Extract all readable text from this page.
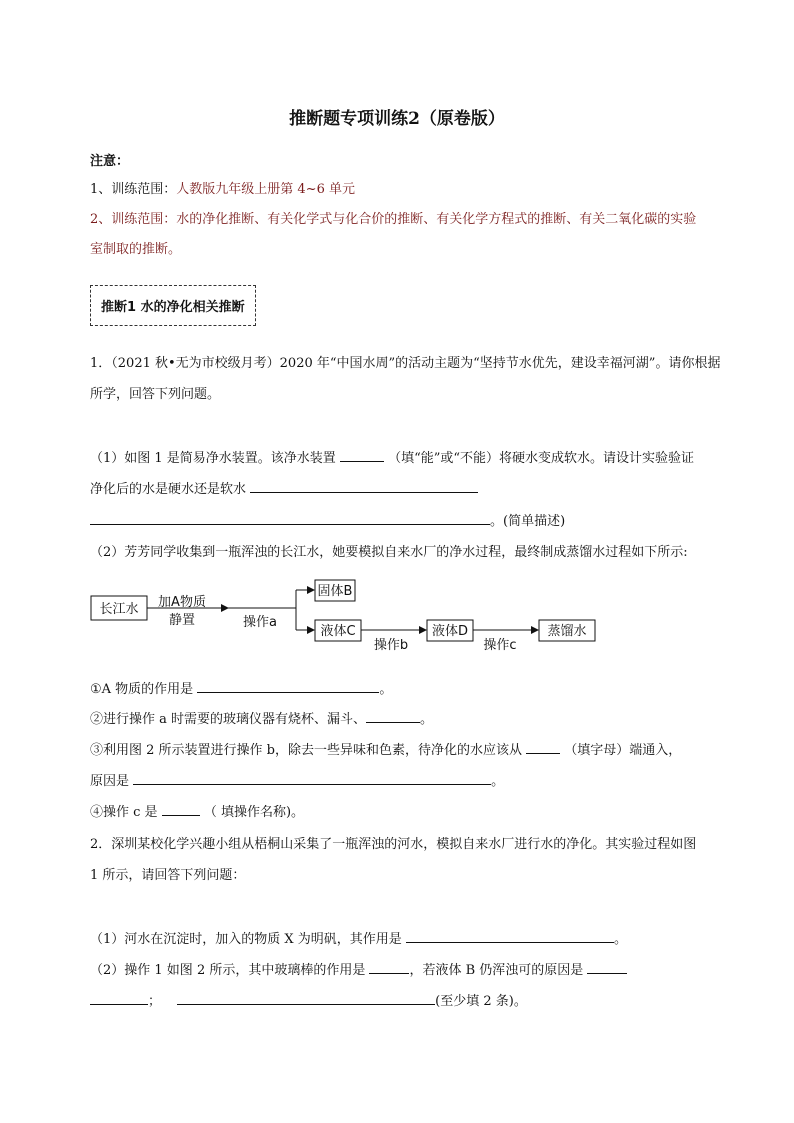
推断题专项训练2（原卷版）
注意：
1、训练范围：人教版九年级上册第 4~6 单元
2、训练范围：水的净化推断、有关化学式与化合价的推断、有关化学方程式的推断、有关二氧化碳的实验
室制取的推断。
推断1 水的净化相关推断
1．（2021 秋•无为市校级月考）2020 年“中国水周”的活动主题为“坚持节水优先，建设幸福河湖”。请你根据
所学，回答下列问题。
（1）如图 1 是简易净水装置。该净水装置	（填“能”或“不能）将硬水变成软水。请设计实验验证
净化后的水是硬水还是软水
。(简单描述)
（2）芳芳同学收集到一瓶浑浊的长江水，她要模拟自来水厂的净水过程，最终制成蒸馏水过程如下所示:
长江水 加A物质
静置	操作a
固体B
液体C
操作b
液体D
操作c
蒸馏水
①A 物质的作用是	。
②进行操作 a 时需要的玻璃仪器有烧杯、漏斗、	。
③利用图 2 所示装置进行操作 b，除去一些异味和色素，待净化的水应该从	（填字母）端通入，
原因是	。
④操作 c 是	（ 填操作名称)。
2．深圳某校化学兴趣小组从梧桐山采集了一瓶浑浊的河水，模拟自来水厂进行水的净化。其实验过程如图
1 所示，请回答下列问题：
（1）河水在沉淀时，加入的物质 X 为明矾，其作用是	。
（2）操作 1 如图 2 所示，其中玻璃棒的作用是	，若液体 B 仍浑浊可的原因是
；	(至少填 2 条)。
